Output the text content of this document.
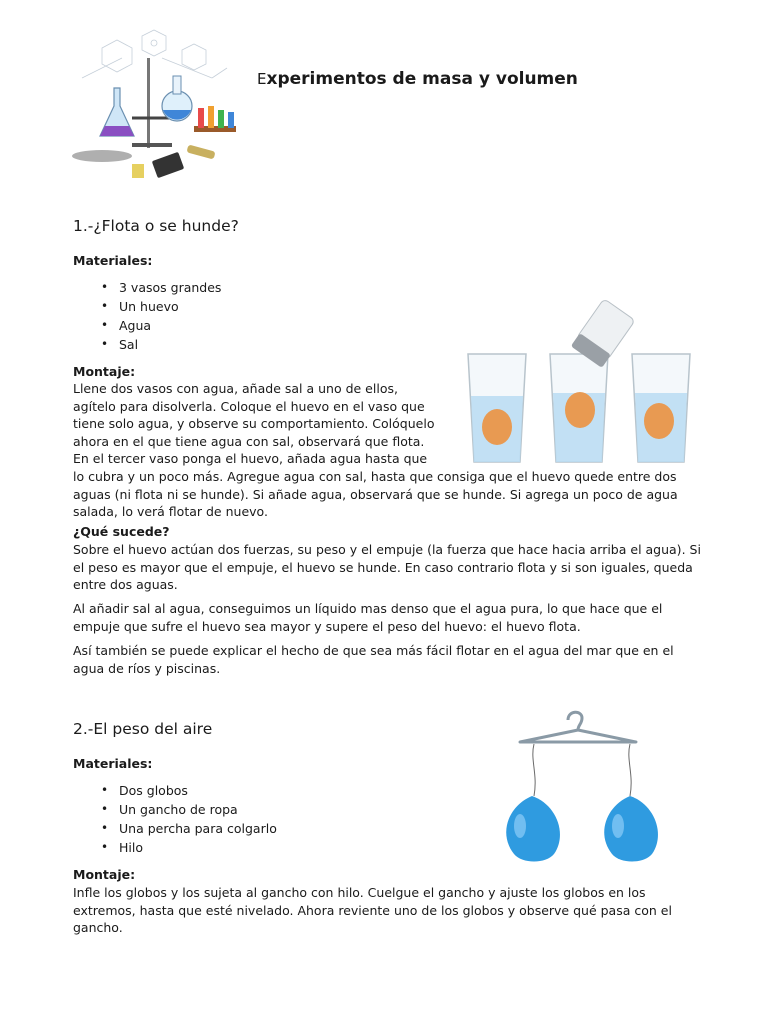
Experimentos de masa y volumen
1.-¿Flota o se hunde?

Materiales:

• 3 vasos grandes
• Un huevo
• Agua
• Sal

Montaje:

Llene dos vasos con agua, añade sal a uno de ellos,
agítelo para disolverla. Coloque el huevo en el vaso que
tiene solo agua, y observe su comportamiento. Colóquelo
ahora en el que tiene agua con sal, observará que flota.
En el tercer vaso ponga el huevo, añada agua hasta que

lo cubra y un poco más. Agregue agua con sal, hasta que consiga que el huevo quede entre dos aguas (ni flota ni se hunde). Si añade agua, observará que se hunde. Si agrega un poco de agua salada, lo verá flotar de nuevo.

¿Qué sucede?

Sobre el huevo actúan dos fuerzas, su peso y el empuje (la fuerza que hace hacia arriba el agua). Si el peso es mayor que el empuje, el huevo se hunde. En caso contrario flota y si son iguales, queda entre dos aguas.

Al añadir sal al agua, conseguimos un líquido mas denso que el agua pura, lo que hace que el empuje que sufre el huevo sea mayor y supere el peso del huevo: el huevo flota.

Así también se puede explicar el hecho de que sea más fácil flotar en el agua del mar que en el agua de ríos y piscinas.

2.-El peso del aire

Materiales:

• Dos globos
• Un gancho de ropa
• Una percha para colgarlo
• Hilo

Montaje:

Infle los globos y los sujeta al gancho con hilo. Cuelgue el gancho y ajuste los globos en los extremos, hasta que esté nivelado. Ahora reviente uno de los globos y observe qué pasa con el gancho.
